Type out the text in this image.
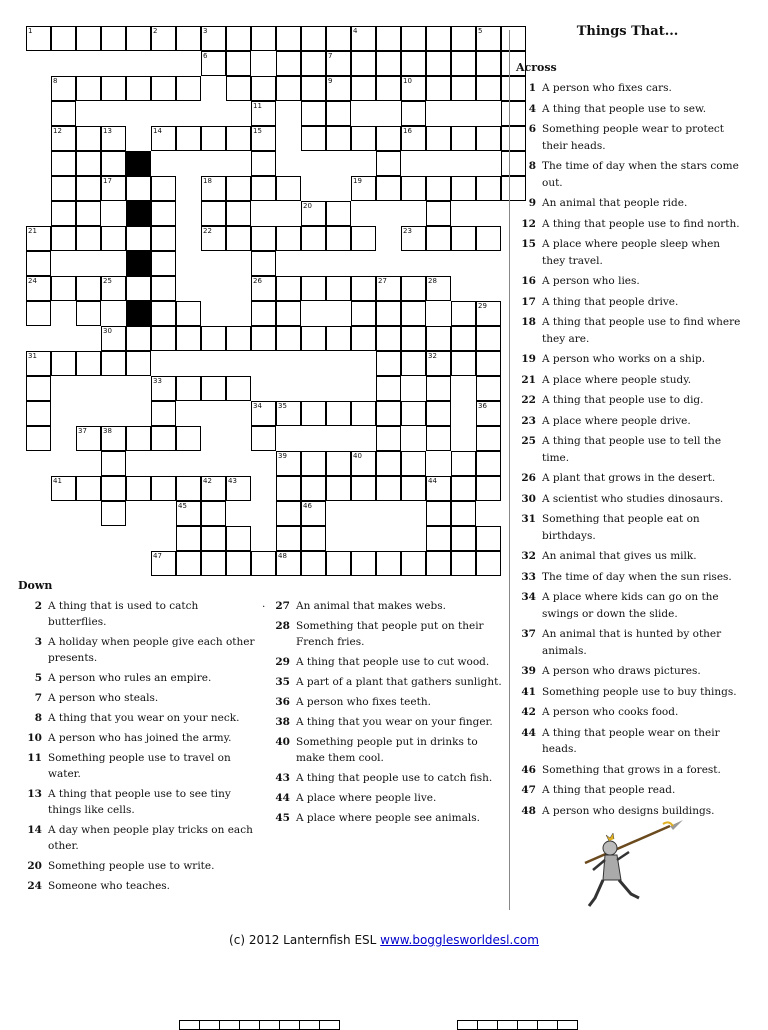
1	2	3	4	5
6	7
8	9	10
11
12	13	14	15
18
21	22	23
24	25	26	27	28
29
31
33
34 35	36
38
39	40
41	42 43	44
45	46
47	48
16
17	19
20
30
32
37
Things That...
Across
1 A person who fixes cars.
4 A thing that people use to sew.
6 Something people wear to protect their heads.
8 The time of day when the stars come out.
9 An animal that people ride.
12 A thing that people use to find north.
15 A place where people sleep when they travel.
16 A person who lies.
17 A thing that people drive.
18 A thing that people use to find where they are.
19 A person who works on a ship.
21 A place where people study.
22 A thing that people use to dig.
23 A place where people drive.
25 A thing that people use to tell the time.
26 A plant that grows in the desert.
30 A scientist who studies dinosaurs.
31 Something that people eat on birthdays.
32 An animal that gives us milk.
33 The time of day when the sun rises.
34 A place where kids can go on the swings or down the slide.
37 An animal that is hunted by other animals.
39 A person who draws pictures.
41 Something people use to buy things.
42 A person who cooks food.
44 A thing that people wear on their heads.
46 Something that grows in a forest.
47 A thing that people read.
48 A person who designs buildings.
Down
2 A thing that is used to catch butterflies.
3 A holiday when people give each other presents.
5 A person who rules an empire.
7 A person who steals.
8 A thing that you wear on your neck.
10 A person who has joined the army.
11 Something people use to travel on water.
13 A thing that people use to see tiny things like cells.
14 A day when people play tricks on each other.
20 Something people use to write.
24 Someone who teaches.
27 An animal that makes webs.
28 Something that people put on their French fries.
29 A thing that people use to cut wood.
35 A part of a plant that gathers sunlight.
36 A person who fixes teeth.
38 A thing that you wear on your finger.
40 Something people put in drinks to make them cool.
43 A thing that people use to catch fish.
44 A place where people live.
45 A place where people see animals.
.
(c) 2012 Lanternfish ESL www.bogglesworldesl.com
